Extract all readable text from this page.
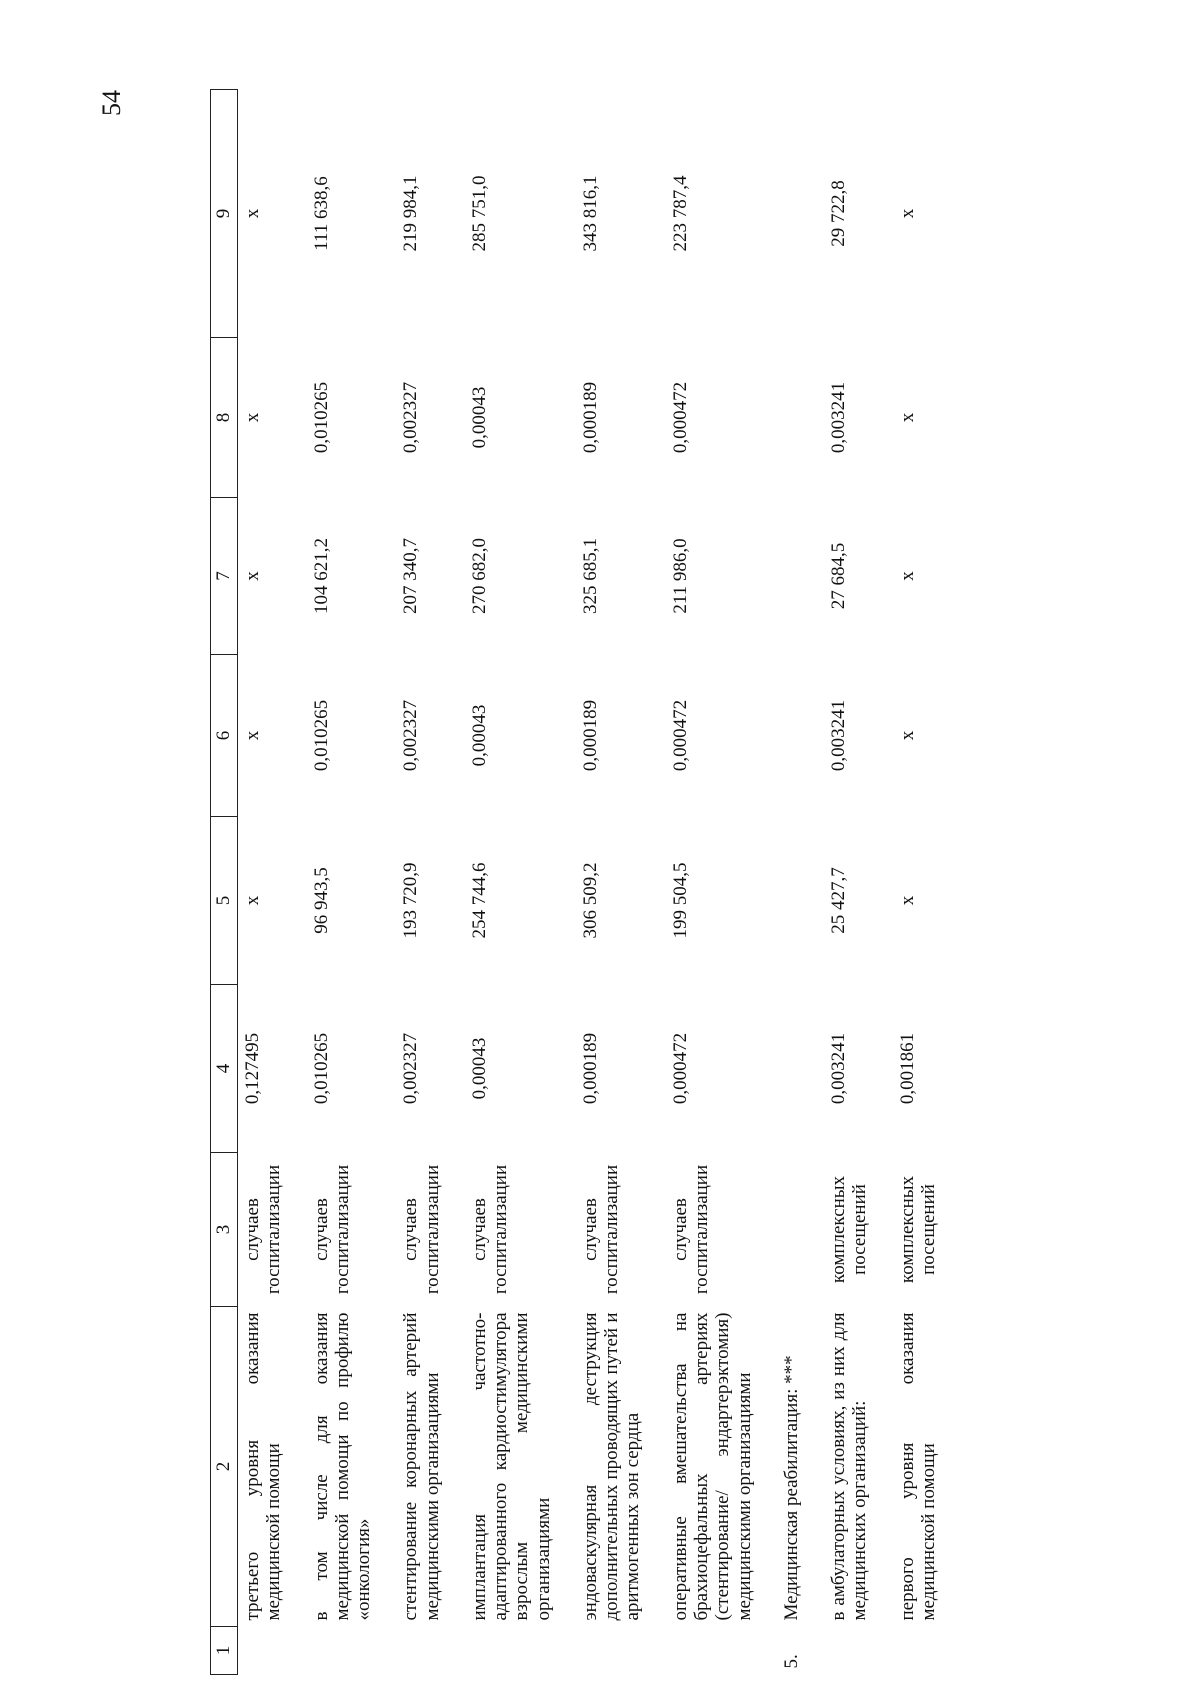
54
1	2	3	4	5	6	7	8	9
	третьего уровня оказания медицинской помощи	случаев госпитализации	0,127495	x	x	x	x	x
	в том числе для оказания медицинской помощи по профилю «онкология»	случаев госпитализации	0,010265	96 943,5	0,010265	104 621,2	0,010265	111 638,6
	стентирование коронарных артерий медицинскими организациями	случаев госпитализации	0,002327	193 720,9	0,002327	207 340,7	0,002327	219 984,1
	имплантация частотно-адаптированного кардиостимулятора взрослым медицинскими организациями	случаев госпитализации	0,00043	254 744,6	0,00043	270 682,0	0,00043	285 751,0
	эндоваскулярная деструкция дополнительных проводящих путей и аритмогенных зон сердца	случаев госпитализации	0,000189	306 509,2	0,000189	325 685,1	0,000189	343 816,1
	оперативные вмешательства на брахиоцефальных артериях (стентирование/ эндартерэктомия) медицинскими организациями	случаев госпитализации	0,000472	199 504,5	0,000472	211 986,0	0,000472	223 787,4
5.	Медицинская реабилитация: ***							
	в амбулаторных условиях, из них для медицинских организаций:	комплексных посещений	0,003241	25 427,7	0,003241	27 684,5	0,003241	29 722,8
	первого уровня оказания медицинской помощи	комплексных посещений	0,001861	x	x	x	x	x
